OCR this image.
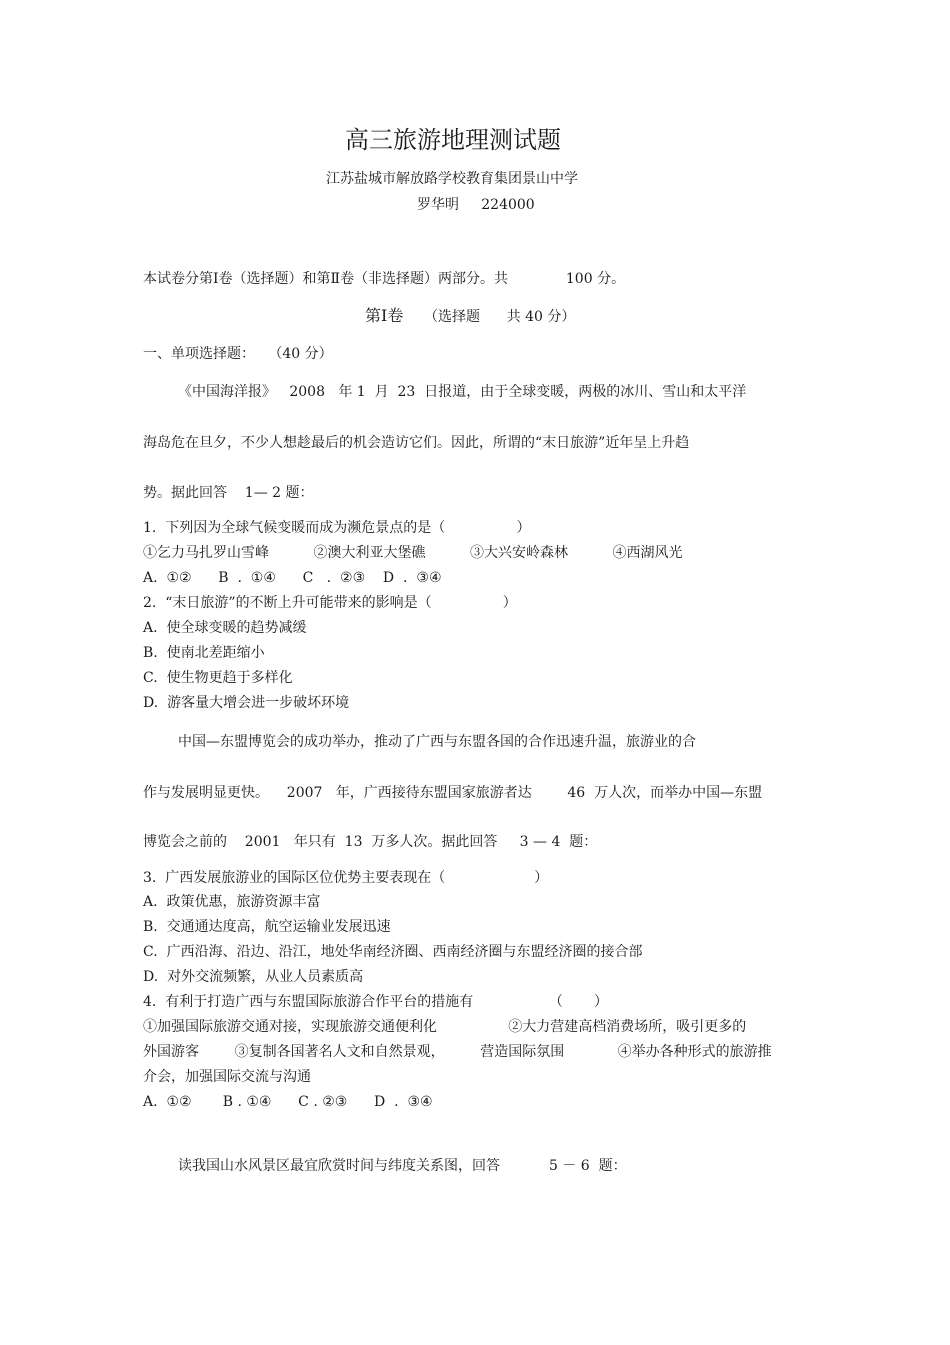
高三旅游地理测试题
江苏盐城市解放路学校教育集团景山中学
罗华明     224000
本试卷分第Ⅰ卷（选择题）和第Ⅱ卷（非选择题）两部分。共             100 分。
第Ⅰ卷 （选择题      共 40 分）
一、单项选择题：   （40 分）
《中国海洋报》   2008   年 1  月  23  日报道，由于全球变暖，两极的冰川、雪山和太平洋
海岛危在旦夕，不少人想趁最后的机会造访它们。因此，所谓的“末日旅游”近年呈上升趋
势。据此回答    1— 2 题：
1.  下列因为全球气候变暖而成为濒危景点的是（                ）
①乞力马扎罗山雪峰          ②澳大利亚大堡礁          ③大兴安岭森林          ④西湖风光
A.  ①②      B  .  ①④      C   .  ②③    D  .  ③④
2.  “末日旅游”的不断上升可能带来的影响是（                ）
A.  使全球变暖的趋势减缓
B.  使南北差距缩小
C.  使生物更趋于多样化
D.  游客量大增会进一步破坏环境
中国—东盟博览会的成功举办，推动了广西与东盟各国的合作迅速升温，旅游业的合
作与发展明显更快。    2007   年，广西接待东盟国家旅游者达        46  万人次，而举办中国—东盟
博览会之前的    2001   年只有  13  万多人次。据此回答     3 — 4  题：
3.  广西发展旅游业的国际区位优势主要表现在（                    ）
A.  政策优惠，旅游资源丰富
B.  交通通达度高，航空运输业发展迅速
C.  广西沿海、沿边、沿江，地处华南经济圈、西南经济圈与东盟经济圈的接合部
D.  对外交流频繁，从业人员素质高
4.  有利于打造广西与东盟国际旅游合作平台的措施有                 （       ）
①加强国际旅游交通对接，实现旅游交通便利化                ②大力营建高档消费场所，吸引更多的
外国游客        ③复制各国著名人文和自然景观，        营造国际氛围            ④举办各种形式的旅游推
介会，加强国际交流与沟通
A.  ①②       B . ①④      C . ②③      D  .  ③④
读我国山水风景区最宜欣赏时间与纬度关系图，回答           5 － 6  题：
